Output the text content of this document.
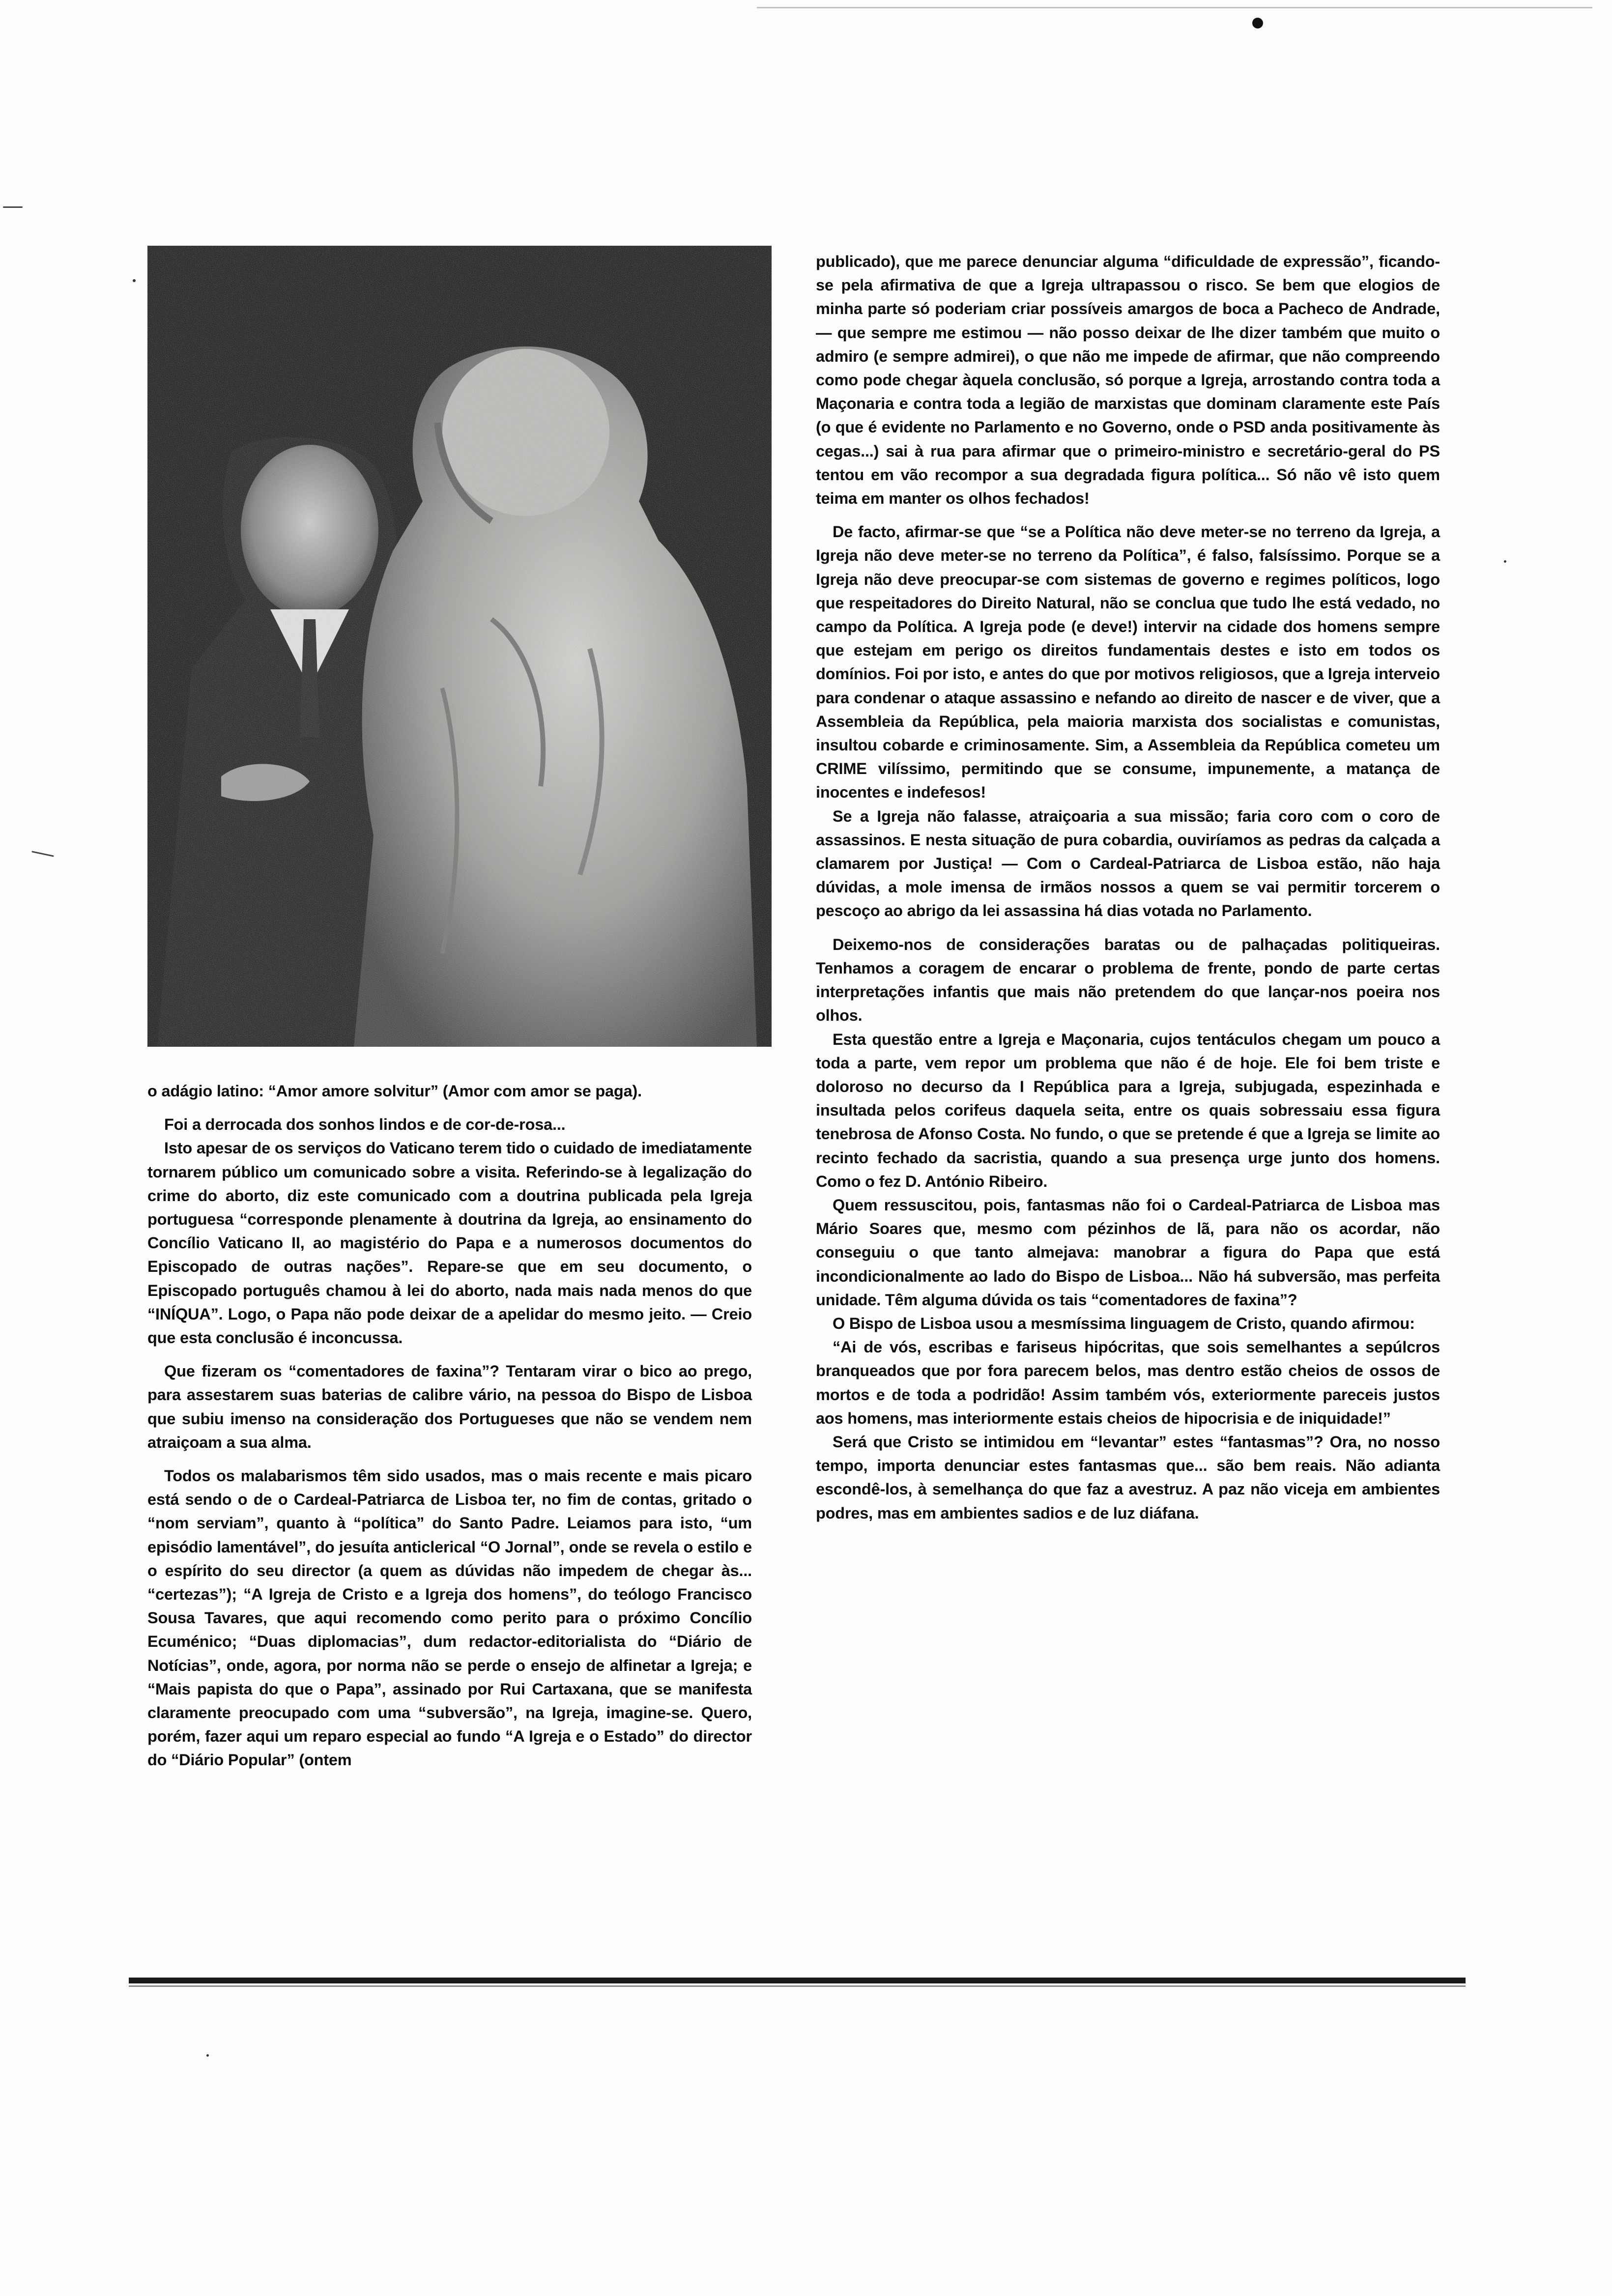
publicado), que me parece denunciar alguma “dificuldade de expressão”, ficando-se pela afirmativa de que a Igreja ultrapassou o risco. Se bem que elogios de minha parte só poderiam criar possíveis amargos de boca a Pacheco de Andrade, — que sempre me estimou — não posso deixar de lhe dizer também que muito o admiro (e sempre admirei), o que não me impede de afirmar, que não compreendo como pode chegar àquela conclusão, só porque a Igreja, arrostando contra toda a Maçonaria e contra toda a legião de marxistas que dominam claramente este País (o que é evidente no Parlamento e no Governo, onde o PSD anda positivamente às cegas...) sai à rua para afirmar que o primeiro-ministro e secretário-geral do PS tentou em vão recompor a sua degradada figura política... Só não vê isto quem teima em manter os olhos fechados!

De facto, afirmar-se que “se a Política não deve meter-se no terreno da Igreja, a Igreja não deve meter-se no terreno da Política”, é falso, falsíssimo. Porque se a Igreja não deve preocupar-se com sistemas de governo e regimes políticos, logo que respeitadores do Direito Natural, não se conclua que tudo lhe está vedado, no campo da Política. A Igreja pode (e deve!) intervir na cidade dos homens sempre que estejam em perigo os direitos fundamentais destes e isto em todos os domínios. Foi por isto, e antes do que por motivos religiosos, que a Igreja interveio para condenar o ataque assassino e nefando ao direito de nascer e de viver, que a Assembleia da República, pela maioria marxista dos socialistas e comunistas, insultou cobarde e criminosamente. Sim, a Assembleia da República cometeu um CRIME vilíssimo, permitindo que se consume, impunemente, a matança de inocentes e indefesos!

Se a Igreja não falasse, atraiçoaria a sua missão; faria coro com o coro de assassinos. E nesta situação de pura cobardia, ouviríamos as pedras da calçada a clamarem por Justiça! — Com o Cardeal-Patriarca de Lisboa estão, não haja dúvidas, a mole imensa de irmãos nossos a quem se vai permitir torcerem o pescoço ao abrigo da lei assassina há dias votada no Parlamento.

Deixemo-nos de considerações baratas ou de palhaçadas politiqueiras. Tenhamos a coragem de encarar o problema de frente, pondo de parte certas interpretações infantis que mais não pretendem do que lançar-nos poeira nos olhos.

Esta questão entre a Igreja e Maçonaria, cujos tentáculos chegam um pouco a toda a parte, vem repor um problema que não é de hoje. Ele foi bem triste e doloroso no decurso da I República para a Igreja, subjugada, espezinhada e insultada pelos corifeus daquela seita, entre os quais sobressaiu essa figura tenebrosa de Afonso Costa. No fundo, o que se pretende é que a Igreja se limite ao recinto fechado da sacristia, quando a sua presença urge junto dos homens. Como o fez D. António Ribeiro.

Quem ressuscitou, pois, fantasmas não foi o Cardeal-Patriarca de Lisboa mas Mário Soares que, mesmo com pézinhos de lã, para não os acordar, não conseguiu o que tanto almejava: manobrar a figura do Papa que está incondicionalmente ao lado do Bispo de Lisboa... Não há subversão, mas perfeita unidade. Têm alguma dúvida os tais “comentadores de faxina”?

O Bispo de Lisboa usou a mesmíssima linguagem de Cristo, quando afirmou:

“Ai de vós, escribas e fariseus hipócritas, que sois semelhantes a sepúlcros branqueados que por fora parecem belos, mas dentro estão cheios de ossos de mortos e de toda a podridão! Assim também vós, exteriormente pareceis justos aos homens, mas interiormente estais cheios de hipocrisia e de iniquidade!”

Será que Cristo se intimidou em “levantar” estes “fantasmas”? Ora, no nosso tempo, importa denunciar estes fantasmas que... são bem reais. Não adianta escondê-los, à semelhança do que faz a avestruz. A paz não viceja em ambientes podres, mas em ambientes sadios e de luz diáfana.

o adágio latino: “Amor amore solvitur” (Amor com amor se paga).

Foi a derrocada dos sonhos lindos e de cor-de-rosa...

Isto apesar de os serviços do Vaticano terem tido o cuidado de imediatamente tornarem público um comunicado sobre a visita. Referindo-se à legalização do crime do aborto, diz este comunicado com a doutrina publicada pela Igreja portuguesa “corresponde plenamente à doutrina da Igreja, ao ensinamento do Concílio Vaticano II, ao magistério do Papa e a numerosos documentos do Episcopado de outras nações”. Repare-se que em seu documento, o Episcopado português chamou à lei do aborto, nada mais nada menos do que “INÍQUA”. Logo, o Papa não pode deixar de a apelidar do mesmo jeito. — Creio que esta conclusão é inconcussa.

Que fizeram os “comentadores de faxina”? Tentaram virar o bico ao prego, para assestarem suas baterias de calibre vário, na pessoa do Bispo de Lisboa que subiu imenso na consideração dos Portugueses que não se vendem nem atraiçoam a sua alma.

Todos os malabarismos têm sido usados, mas o mais recente e mais picaro está sendo o de o Cardeal-Patriarca de Lisboa ter, no fim de contas, gritado o “nom serviam”, quanto à “política” do Santo Padre. Leiamos para isto, “um episódio lamentável”, do jesuíta anticlerical “O Jornal”, onde se revela o estilo e o espírito do seu director (a quem as dúvidas não impedem de chegar às... “certezas”); “A Igreja de Cristo e a Igreja dos homens”, do teólogo Francisco Sousa Tavares, que aqui recomendo como perito para o próximo Concílio Ecuménico; “Duas diplomacias”, dum redactor-editorialista do “Diário de Notícias”, onde, agora, por norma não se perde o ensejo de alfinetar a Igreja; e “Mais papista do que o Papa”, assinado por Rui Cartaxana, que se manifesta claramente preocupado com uma “subversão”, na Igreja, imagine-se. Quero, porém, fazer aqui um reparo especial ao fundo “A Igreja e o Estado” do director do “Diário Popular” (ontem
